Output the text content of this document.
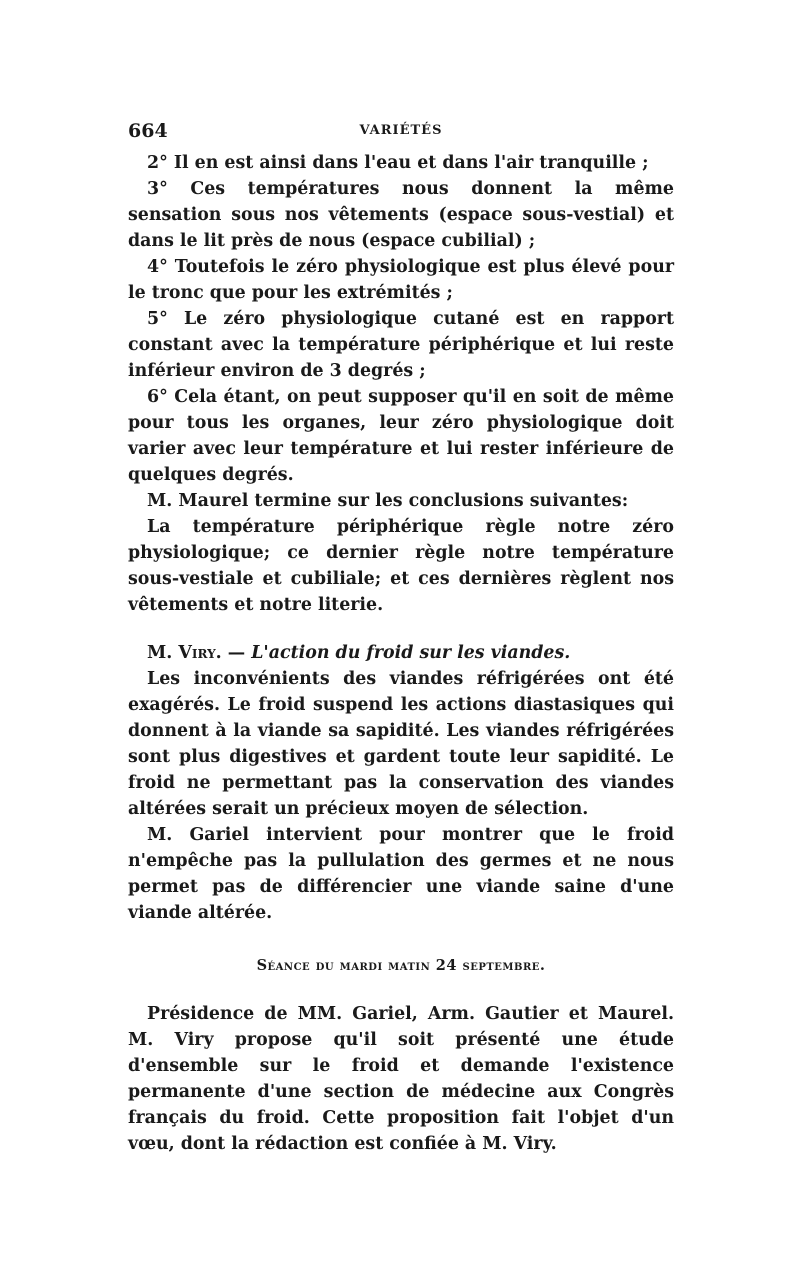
664	VARIÉTÉS

2° Il en est ainsi dans l'eau et dans l'air tranquille ;

3° Ces températures nous donnent la même sensation sous nos vêtements (espace sous-vestial) et dans le lit près de nous (espace cubilial) ;

4° Toutefois le zéro physiologique est plus élevé pour le tronc que pour les extrémités ;

5° Le zéro physiologique cutané est en rapport constant avec la température périphérique et lui reste inférieur environ de 3 degrés ;

6° Cela étant, on peut supposer qu'il en soit de même pour tous les organes, leur zéro physiologique doit varier avec leur température et lui rester inférieure de quelques degrés.

M. Maurel termine sur les conclusions suivantes:

La température périphérique règle notre zéro physiologique; ce dernier règle notre température sous-vestiale et cubiliale; et ces dernières règlent nos vêtements et notre literie.

M. Viry. — L'action du froid sur les viandes.

Les inconvénients des viandes réfrigérées ont été exagérés. Le froid suspend les actions diastasiques qui donnent à la viande sa sapidité. Les viandes réfrigérées sont plus digestives et gardent toute leur sapidité. Le froid ne permettant pas la conservation des viandes altérées serait un précieux moyen de sélection.

M. Gariel intervient pour montrer que le froid n'empêche pas la pullulation des germes et ne nous permet pas de différencier une viande saine d'une viande altérée.

Séance du mardi matin 24 septembre.

Présidence de MM. Gariel, Arm. Gautier et Maurel. M. Viry propose qu'il soit présenté une étude d'ensemble sur le froid et demande l'existence permanente d'une section de médecine aux Congrès français du froid. Cette proposition fait l'objet d'un vœu, dont la rédaction est confiée à M. Viry.
